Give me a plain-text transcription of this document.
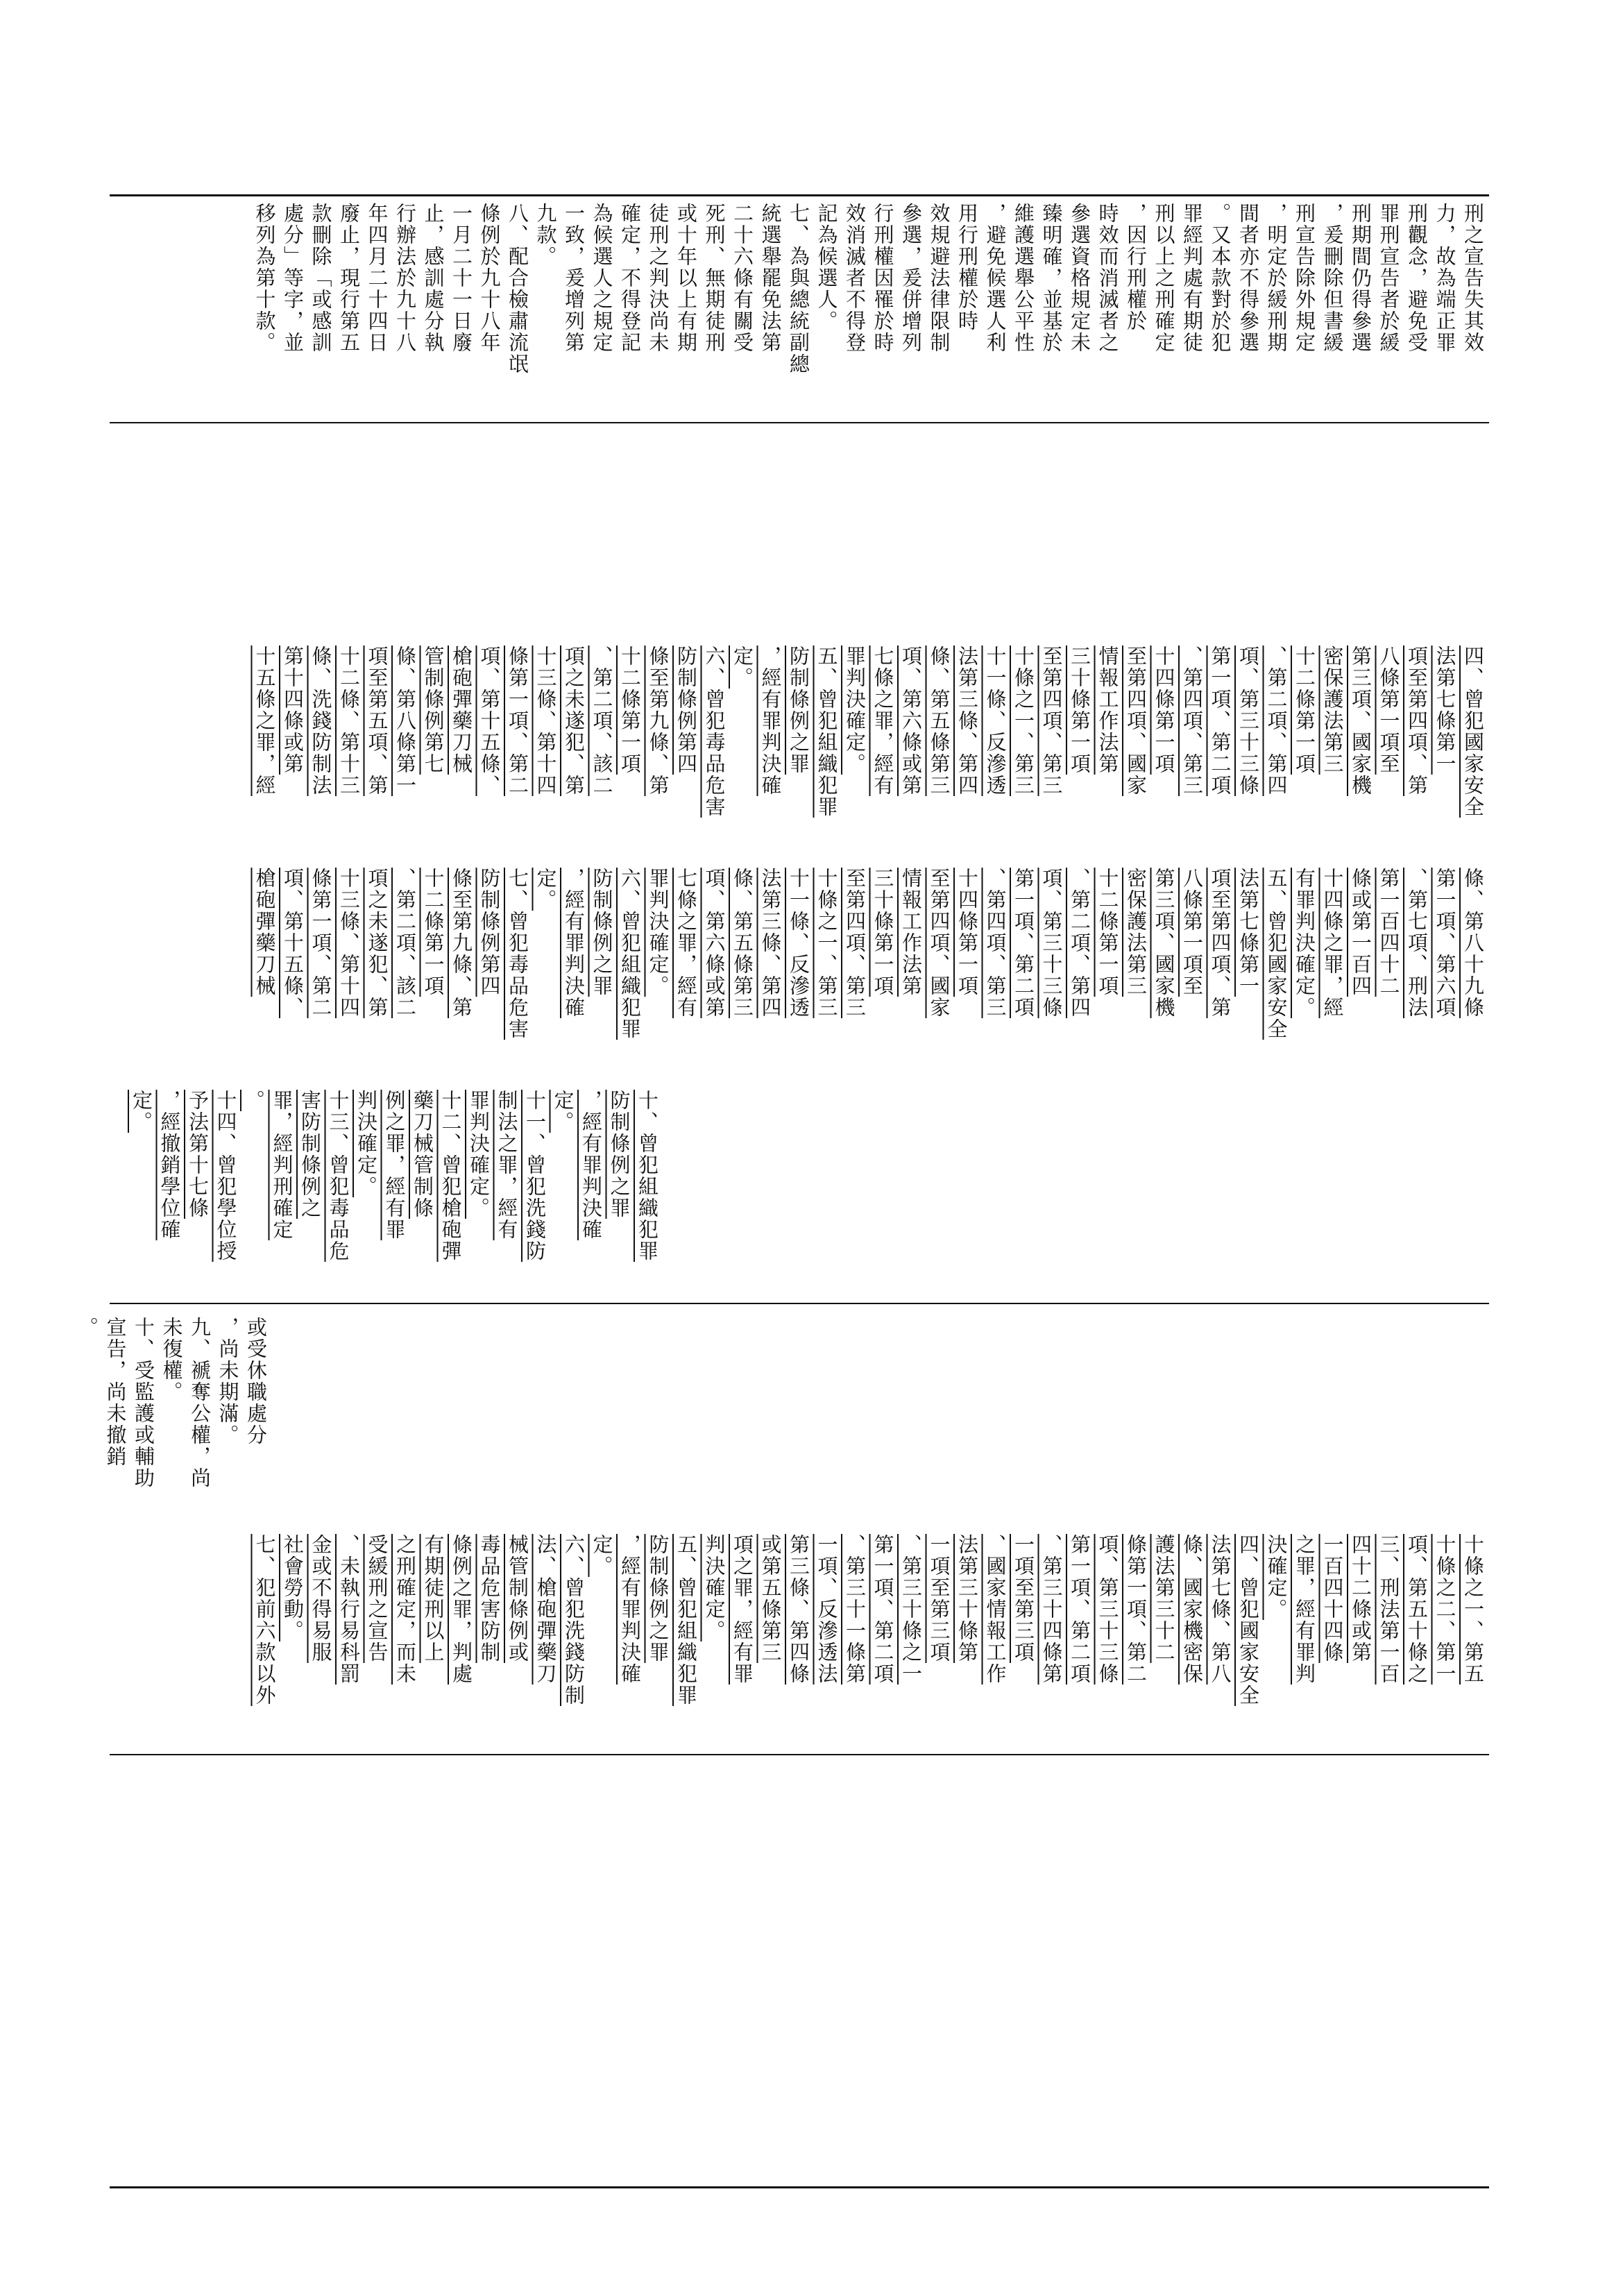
刑之宣告失其效

力，故為端正罪

刑觀念，避免受

罪刑宣告者於緩

刑期間仍得參選

，爰刪除但書緩

刑宣告除外規定

，明定於緩刑期

間者亦不得參選

。又本款對於犯

罪經判處有期徒

刑以上之刑確定

，因行刑權於

時效而消滅者之

參選資格規定未

臻明確，並基於

維護選舉公平性

，避免候選人利

用行刑權於時

效規避法律限制

參選，爰併增列

行刑權因罹於時

效消滅者不得登

記為候選人。

七、為與總統副總

統選舉罷免法第

二十六條有關受

死刑、無期徒刑

或十年以上有期

徒刑之判決尚未

確定，不得登記

為候選人之規定

一致，爰增列第

九款。

八、配合檢肅流氓

條例於九十八年

一月二十一日廢

止，感訓處分執

行辦法於九十八

年四月二十四日

廢止，現行第五

款刪除「或感訓

處分」等字，並

移列為第十款。

四、曾犯國家安全

法第七條第一

項至第四項、第

八條第一項至

第三項、國家機

密保護法第三

十二條第一項

、第二項、第四

項、第三十三條

第一項、第二項

、第四項、第三

十四條第一項

至第四項、國家

情報工作法第

三十條第一項

至第四項、第三

十條之一、第三

十一條、反滲透

法第三條、第四

條、第五條第三

項、第六條或第

七條之罪，經有

罪判決確定。

五、曾犯組織犯罪

防制條例之罪

，經有罪判決確

定。

六、曾犯毒品危害

防制條例第四

條至第九條、第

十二條第一項

、第二項、該二

項之未遂犯、第

十三條、第十四

條第一項、第二

項、第十五條、

槍砲彈藥刀械

管制條例第七

條、第八條第一

項至第五項、第

十二條、第十三

條、洗錢防制法

第十四條或第

十五條之罪，經

條、第八十九條

第一項、第六項

、第七項、刑法

第一百四十二

條或第一百四

十四條之罪，經

有罪判決確定。

五、曾犯國家安全

法第七條第一

項至第四項、第

八條第一項至

第三項、國家機

密保護法第三

十二條第一項

、第二項、第四

項、第三十三條

第一項、第二項

、第四項、第三

十四條第一項

至第四項、國家

情報工作法第

三十條第一項

至第四項、第三

十條之一、第三

十一條、反滲透

法第三條、第四

條、第五條第三

項、第六條或第

七條之罪，經有

罪判決確定。

六、曾犯組織犯罪

防制條例之罪

，經有罪判決確

定。

七、曾犯毒品危害

防制條例第四

條至第九條、第

十二條第一項

、第二項、該二

項之未遂犯、第

十三條、第十四

條第一項、第二

項、第十五條、

槍砲彈藥刀械

十、曾犯組織犯罪

防制條例之罪

，經有罪判決確

定。

十一、曾犯洗錢防

制法之罪，經有

罪判決確定。

十二、曾犯槍砲彈

藥刀械管制條

例之罪，經有罪

判決確定。

十三、曾犯毒品危

害防制條例之

罪，經判刑確定

。

十四、曾犯學位授

予法第十七條

，經撤銷學位確

定。

或受休職處分

，尚未期滿。

九、褫奪公權，尚

未復權。

十、受監護或輔助

宣告，尚未撤銷

。

十條之一、第五

十條之二、第一

項、第五十條之

三、刑法第一百

四十二條或第

一百四十四條

之罪，經有罪判

決確定。

四、曾犯國家安全

法第七條、第八

條、國家機密保

護法第三十二

條第一項、第二

項、第三十三條

第一項、第二項

、第三十四條第

一項至第三項

、國家情報工作

法第三十條第

一項至第三項

、第三十條之一

第一項、第二項

、第三十一條第

一項、反滲透法

第三條、第四條

或第五條第三

項之罪，經有罪

判決確定。

五、曾犯組織犯罪

防制條例之罪

，經有罪判決確

定。

六、曾犯洗錢防制

法、槍砲彈藥刀

械管制條例或

毒品危害防制

條例之罪，判處

有期徒刑以上

之刑確定，而未

受緩刑之宣告

、未執行易科罰

金或不得易服

社會勞動。

七、犯前六款以外
